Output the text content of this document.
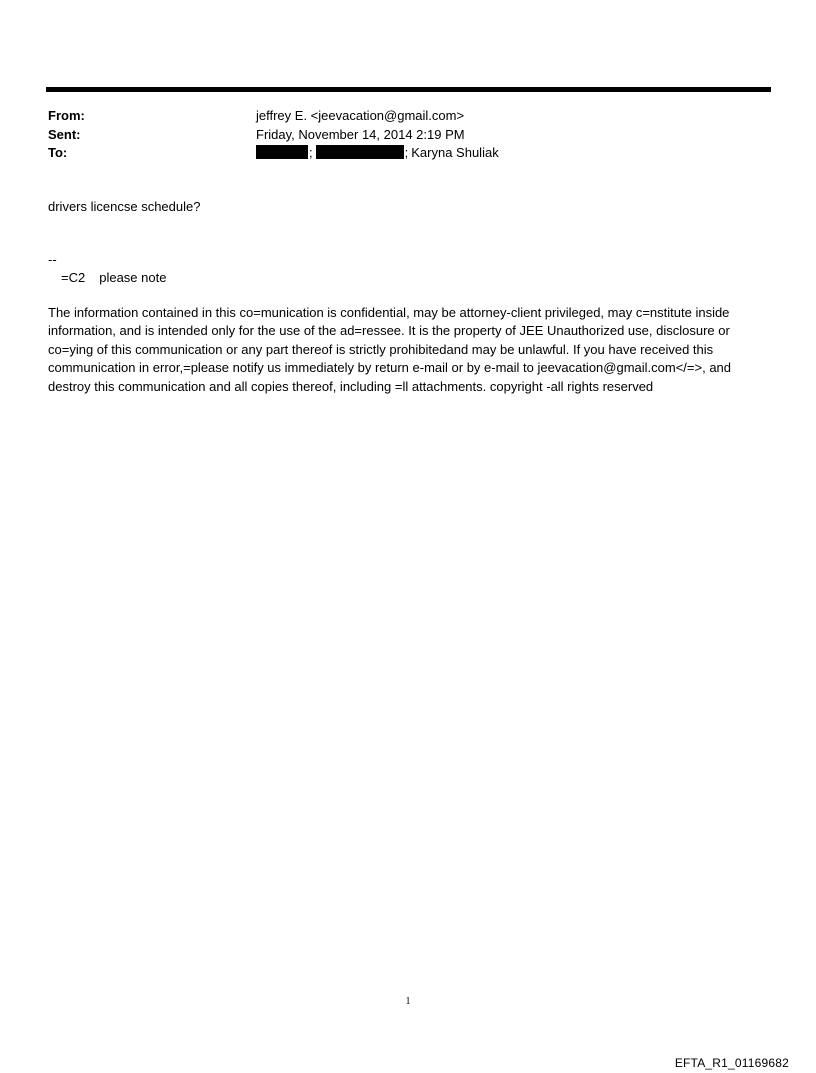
From:	jeffrey E. <jeevacation@gmail.com>
Sent:	Friday, November 14, 2014 2:19 PM
To:	;	; Karyna Shuliak
drivers licencse schedule?
--
=C2 please note
The information contained in this co=munication is confidential, may be attorney-client privileged, may c=nstitute inside
information, and is intended only for the use of the ad=ressee. It is the property of JEE Unauthorized use, disclosure or
co=ying of this communication or any part thereof is strictly prohibitedand may be unlawful. If you have received this
communication in error,=please notify us immediately by return e-mail or by e-mail to jeevacation@gmail.com</=>, and
destroy this communication and all copies thereof, including =ll attachments. copyright -all rights reserved
1
EFTA_R1_01169682
